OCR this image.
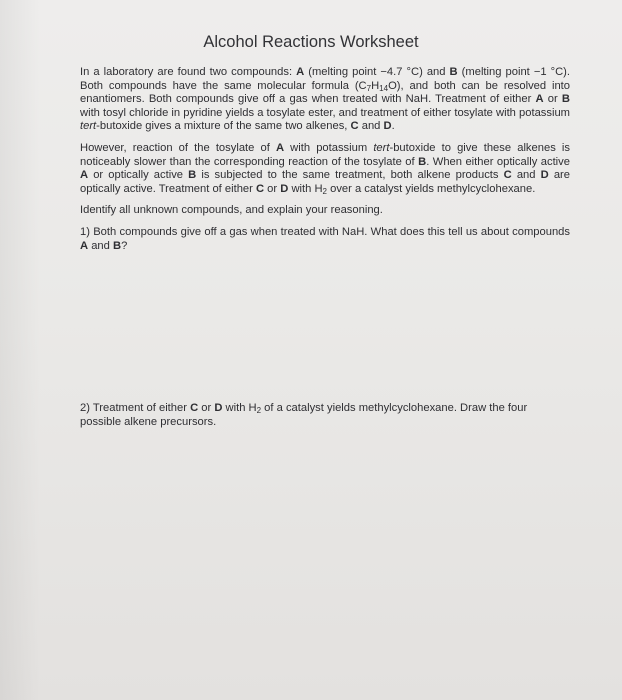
Alcohol Reactions Worksheet

In a laboratory are found two compounds: A (melting point −4.7 °C) and B (melting point −1 °C). Both compounds have the same molecular formula $(C_7H_{14}O)$, and both can be resolved into enantiomers. Both compounds give off a gas when treated with NaH. Treatment of either A or B with tosyl chloride in pyridine yields a tosylate ester, and treatment of either tosylate with potassium tert-butoxide gives a mixture of the same two alkenes, C and D.

However, reaction of the tosylate of A with potassium tert-butoxide to give these alkenes is noticeably slower than the corresponding reaction of the tosylate of B. When either optically active A or optically active B is subjected to the same treatment, both alkene products C and D are optically active. Treatment of either C or D with $H_2$ over a catalyst yields methylcyclohexane.

Identify all unknown compounds, and explain your reasoning.

1) Both compounds give off a gas when treated with NaH. What does this tell us about compounds A and B?

2) Treatment of either C or D with $H_2$ of a catalyst yields methylcyclohexane. Draw the four possible alkene precursors.
